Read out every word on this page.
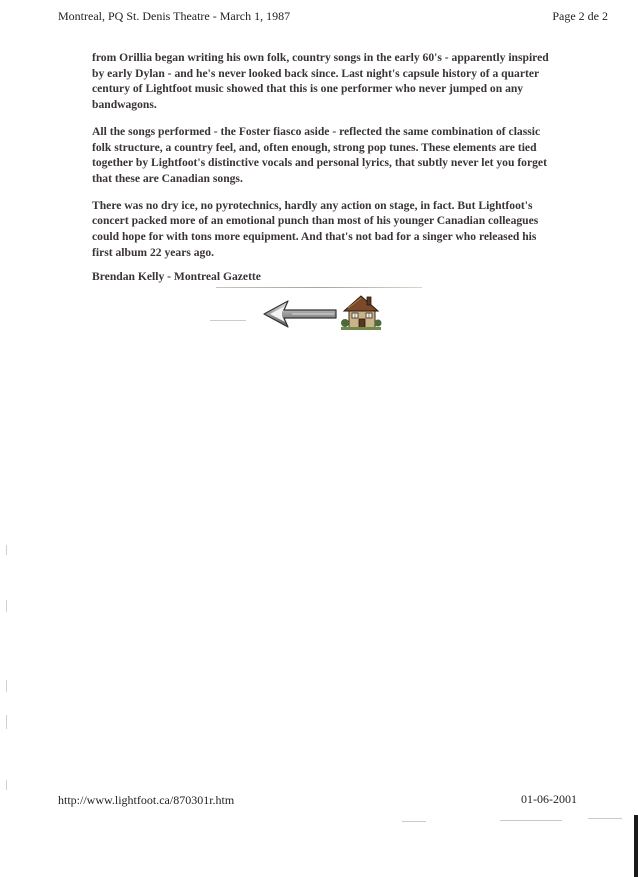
Montreal, PQ St. Denis Theatre - March 1, 1987	Page 2 de 2

from Orillia began writing his own folk, country songs in the early 60's - apparently inspired by early Dylan - and he's never looked back since. Last night's capsule history of a quarter century of Lightfoot music showed that this is one performer who never jumped on any bandwagons.

All the songs performed - the Foster fiasco aside - reflected the same combination of classic folk structure, a country feel, and, often enough, strong pop tunes. These elements are tied together by Lightfoot's distinctive vocals and personal lyrics, that subtly never let you forget that these are Canadian songs.

There was no dry ice, no pyrotechnics, hardly any action on stage, in fact. But Lightfoot's concert packed more of an emotional punch than most of his younger Canadian colleagues could hope for with tons more equipment. And that's not bad for a singer who released his first album 22 years ago.

Brendan Kelly - Montreal Gazette
http://www.lightfoot.ca/870301r.htm	01-06-2001
